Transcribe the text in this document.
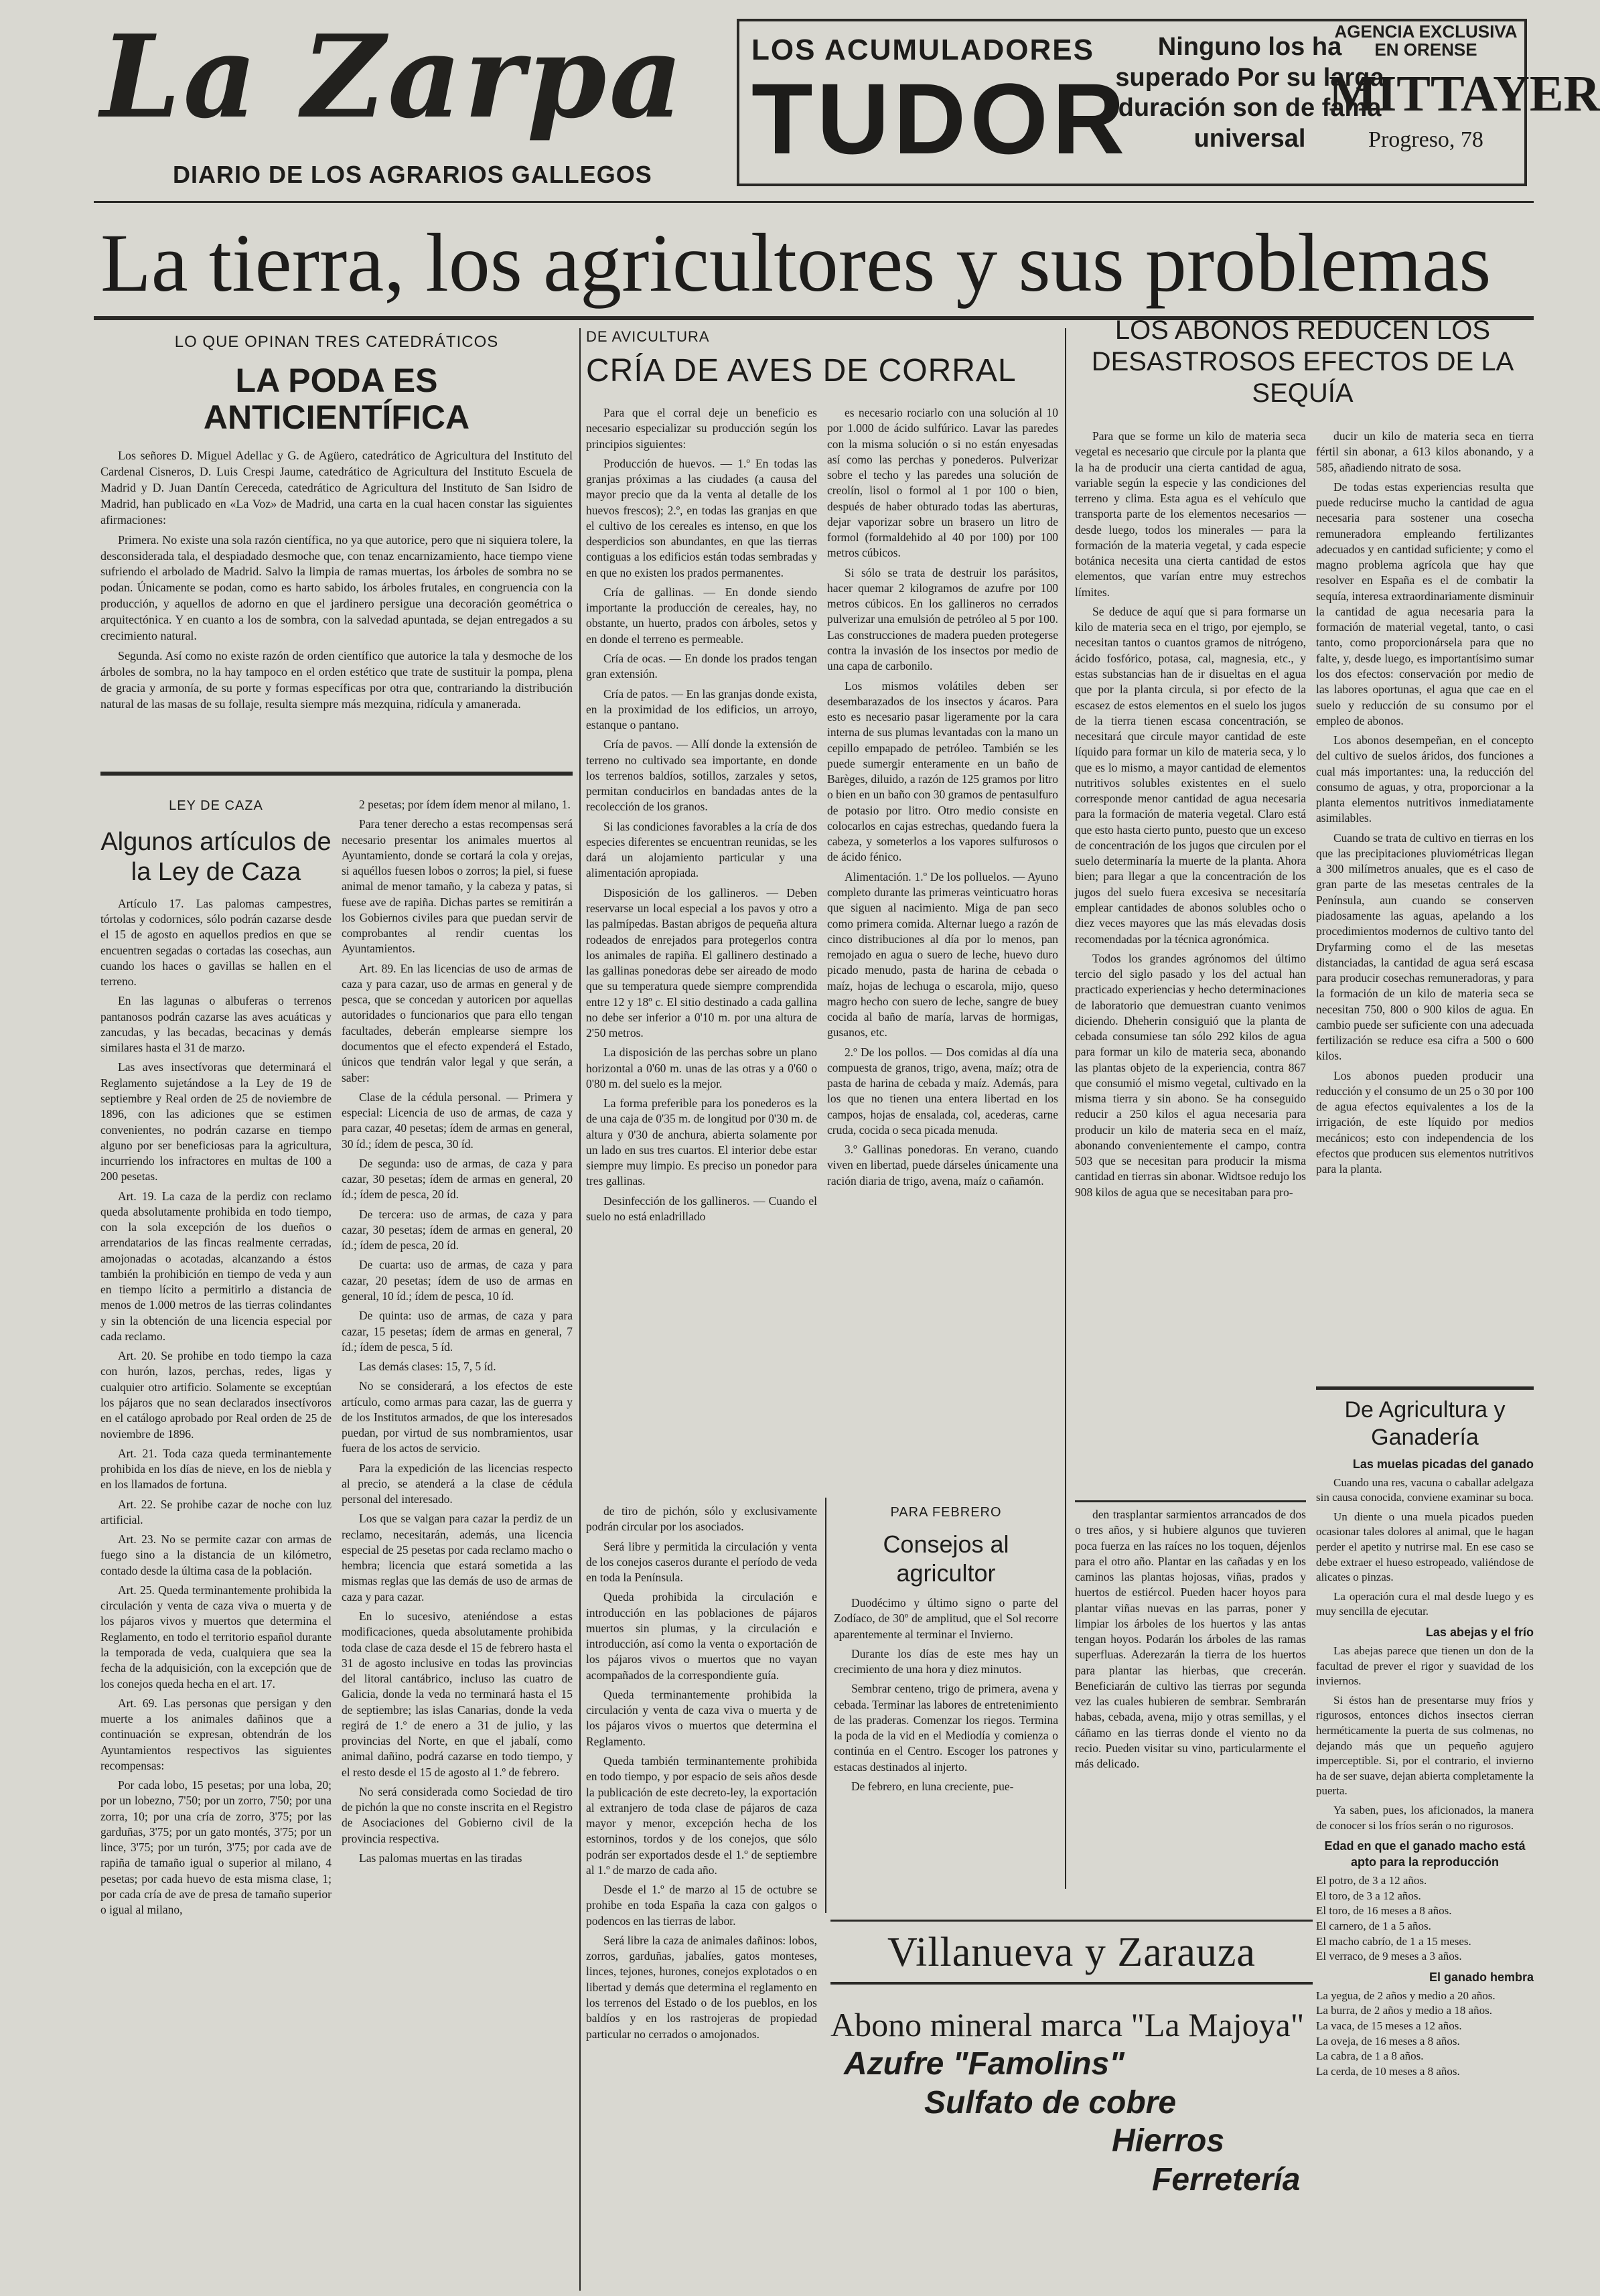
La Zarpa
DIARIO DE LOS AGRARIOS GALLEGOS
LOS ACUMULADORES
TUDOR
Ninguno los ha superado Por su larga duración son de fama universal
AGENCIA EXCLUSIVA EN ORENSE
MITTAYER
Progreso, 78
La tierra, los agricultores y sus problemas
LO QUE OPINAN TRES CATEDRÁTICOS
LA PODA ES ANTICIENTÍFICA

Los señores D. Miguel Adellac y G. de Agüero, catedrático de Agricultura del Instituto del Cardenal Cisneros, D. Luis Crespi Jaume, catedrático de Agricultura del Instituto Escuela de Madrid y D. Juan Dantín Cereceda, catedrático de Agricultura del Instituto de San Isidro de Madrid, han publicado en «La Voz» de Madrid, una carta en la cual hacen constar las siguientes afirmaciones:

Primera. No existe una sola razón científica, no ya que autorice, pero que ni siquiera tolere, la desconsiderada tala, el despiadado desmoche que, con tenaz encarnizamiento, hace tiempo viene sufriendo el arbolado de Madrid. Salvo la limpia de ramas muertas, los árboles de sombra no se podan. Únicamente se podan, como es harto sabido, los árboles frutales, en congruencia con la producción, y aquellos de adorno en que el jardinero persigue una decoración geométrica o arquitectónica. Y en cuanto a los de sombra, con la salvedad apuntada, se dejan entregados a su crecimiento natural.

Segunda. Así como no existe razón de orden científico que autorice la tala y desmoche de los árboles de sombra, no la hay tampoco en el orden estético que trate de sustituir la pompa, plena de gracia y armonía, de su porte y formas específicas por otra que, contrariando la distribución natural de las masas de su follaje, resulta siempre más mezquina, ridícula y amanerada.

LEY DE CAZA
Algunos artículos de la Ley de Caza

Artículo 17. Las palomas campestres, tórtolas y codornices, sólo podrán cazarse desde el 15 de agosto en aquellos predios en que se encuentren segadas o cortadas las cosechas, aun cuando los haces o gavillas se hallen en el terreno.

En las lagunas o albuferas o terrenos pantanosos podrán cazarse las aves acuáticas y zancudas, y las becadas, becacinas y demás similares hasta el 31 de marzo.

Las aves insectívoras que determinará el Reglamento sujetándose a la Ley de 19 de septiembre y Real orden de 25 de noviembre de 1896, con las adiciones que se estimen convenientes, no podrán cazarse en tiempo alguno por ser beneficiosas para la agricultura, incurriendo los infractores en multas de 100 a 200 pesetas.

Art. 19. La caza de la perdiz con reclamo queda absolutamente prohibida en todo tiempo, con la sola excepción de los dueños o arrendatarios de las fincas realmente cerradas, amojonadas o acotadas, alcanzando a éstos también la prohibición en tiempo de veda y aun en tiempo lícito a permitirlo a distancia de menos de 1.000 metros de las tierras colindantes y sin la obtención de una licencia especial por cada reclamo.

Art. 20. Se prohibe en todo tiempo la caza con hurón, lazos, perchas, redes, ligas y cualquier otro artificio. Solamente se exceptúan los pájaros que no sean declarados insectívoros en el catálogo aprobado por Real orden de 25 de noviembre de 1896.

Art. 21. Toda caza queda terminantemente prohibida en los días de nieve, en los de niebla y en los llamados de fortuna.

Art. 22. Se prohibe cazar de noche con luz artificial.

Art. 23. No se permite cazar con armas de fuego sino a la distancia de un kilómetro, contado desde la última casa de la población.

Art. 25. Queda terminantemente prohibida la circulación y venta de caza viva o muerta y de los pájaros vivos y muertos que determina el Reglamento, en todo el territorio español durante la temporada de veda, cualquiera que sea la fecha de la adquisición, con la excepción que de los conejos queda hecha en el art. 17.

Art. 69. Las personas que persigan y den muerte a los animales dañinos que a continuación se expresan, obtendrán de los Ayuntamientos respectivos las siguientes recompensas:

Por cada lobo, 15 pesetas; por una loba, 20; por un lobezno, 7'50; por un zorro, 7'50; por una zorra, 10; por una cría de zorro, 3'75; por las garduñas, 3'75; por un gato montés, 3'75; por un lince, 3'75; por un turón, 3'75; por cada ave de rapiña de tamaño igual o superior al milano, 4 pesetas; por cada huevo de esta misma clase, 1; por cada cría de ave de presa de tamaño superior o igual al milano,

2 pesetas; por ídem ídem menor al milano, 1.

Para tener derecho a estas recompensas será necesario presentar los animales muertos al Ayuntamiento, donde se cortará la cola y orejas, si aquéllos fuesen lobos o zorros; la piel, si fuese animal de menor tamaño, y la cabeza y patas, si fuese ave de rapiña. Dichas partes se remitirán a los Gobiernos civiles para que puedan servir de comprobantes al rendir cuentas los Ayuntamientos.

Art. 89. En las licencias de uso de armas de caza y para cazar, uso de armas en general y de pesca, que se concedan y autoricen por aquellas autoridades o funcionarios que para ello tengan facultades, deberán emplearse siempre los documentos que el efecto expenderá el Estado, únicos que tendrán valor legal y que serán, a saber:

Clase de la cédula personal. — Primera y especial: Licencia de uso de armas, de caza y para cazar, 40 pesetas; ídem de armas en general, 30 íd.; ídem de pesca, 30 íd.

De segunda: uso de armas, de caza y para cazar, 30 pesetas; ídem de armas en general, 20 íd.; ídem de pesca, 20 íd.

De tercera: uso de armas, de caza y para cazar, 30 pesetas; ídem de armas en general, 20 íd.; ídem de pesca, 20 íd.

De cuarta: uso de armas, de caza y para cazar, 20 pesetas; ídem de uso de armas en general, 10 íd.; ídem de pesca, 10 íd.

De quinta: uso de armas, de caza y para cazar, 15 pesetas; ídem de armas en general, 7 íd.; ídem de pesca, 5 íd.

Las demás clases: 15, 7, 5 íd.

No se considerará, a los efectos de este artículo, como armas para cazar, las de guerra y de los Institutos armados, de que los interesados puedan, por virtud de sus nombramientos, usar fuera de los actos de servicio.

Para la expedición de las licencias respecto al precio, se atenderá a la clase de cédula personal del interesado.

Los que se valgan para cazar la perdiz de un reclamo, necesitarán, además, una licencia especial de 25 pesetas por cada reclamo macho o hembra; licencia que estará sometida a las mismas reglas que las demás de uso de armas de caza y para cazar.

En lo sucesivo, ateniéndose a estas modificaciones, queda absolutamente prohibida toda clase de caza desde el 15 de febrero hasta el 31 de agosto inclusive en todas las provincias del litoral cantábrico, incluso las cuatro de Galicia, donde la veda no terminará hasta el 15 de septiembre; las islas Canarias, donde la veda regirá de 1.º de enero a 31 de julio, y las provincias del Norte, en que el jabalí, como animal dañino, podrá cazarse en todo tiempo, y el resto desde el 15 de agosto al 1.º de febrero.

No será considerada como Sociedad de tiro de pichón la que no conste inscrita en el Registro de Asociaciones del Gobierno civil de la provincia respectiva.

Las palomas muertas en las tiradas

DE AVICULTURA
CRÍA DE AVES DE CORRAL

Para que el corral deje un beneficio es necesario especializar su producción según los principios siguientes:

Producción de huevos. — 1.º En todas las granjas próximas a las ciudades (a causa del mayor precio que da la venta al detalle de los huevos frescos); 2.º, en todas las granjas en que el cultivo de los cereales es intenso, en que los desperdicios son abundantes, en que las tierras contiguas a los edificios están todas sembradas y en que no existen los prados permanentes.

Cría de gallinas. — En donde siendo importante la producción de cereales, hay, no obstante, un huerto, prados con árboles, setos y en donde el terreno es permeable.

Cría de ocas. — En donde los prados tengan gran extensión.

Cría de patos. — En las granjas donde exista, en la proximidad de los edificios, un arroyo, estanque o pantano.

Cría de pavos. — Allí donde la extensión de terreno no cultivado sea importante, en donde los terrenos baldíos, sotillos, zarzales y setos, permitan conducirlos en bandadas antes de la recolección de los granos.

Si las condiciones favorables a la cría de dos especies diferentes se encuentran reunidas, se les dará un alojamiento particular y una alimentación apropiada.

Disposición de los gallineros. — Deben reservarse un local especial a los pavos y otro a las palmípedas. Bastan abrigos de pequeña altura rodeados de enrejados para protegerlos contra los animales de rapiña. El gallinero destinado a las gallinas ponedoras debe ser aireado de modo que su temperatura quede siempre comprendida entre 12 y 18º c. El sitio destinado a cada gallina no debe ser inferior a 0'10 m. por una altura de 2'50 metros.

La disposición de las perchas sobre un plano horizontal a 0'60 m. unas de las otras y a 0'60 o 0'80 m. del suelo es la mejor.

La forma preferible para los ponederos es la de una caja de 0'35 m. de longitud por 0'30 m. de altura y 0'30 de anchura, abierta solamente por un lado en sus tres cuartos. El interior debe estar siempre muy limpio. Es preciso un ponedor para tres gallinas.

Desinfección de los gallineros. — Cuando el suelo no está enladrillado

es necesario rociarlo con una solución al 10 por 1.000 de ácido sulfúrico. Lavar las paredes con la misma solución o si no están enyesadas así como las perchas y ponederos. Pulverizar sobre el techo y las paredes una solución de creolín, lisol o formol al 1 por 100 o bien, después de haber obturado todas las aberturas, dejar vaporizar sobre un brasero un litro de formol (formaldehido al 40 por 100) por 100 metros cúbicos.

Si sólo se trata de destruir los parásitos, hacer quemar 2 kilogramos de azufre por 100 metros cúbicos. En los gallineros no cerrados pulverizar una emulsión de petróleo al 5 por 100. Las construcciones de madera pueden protegerse contra la invasión de los insectos por medio de una capa de carbonilo.

Los mismos volátiles deben ser desembarazados de los insectos y ácaros. Para esto es necesario pasar ligeramente por la cara interna de sus plumas levantadas con la mano un cepillo empapado de petróleo. También se les puede sumergir enteramente en un baño de Barèges, diluido, a razón de 125 gramos por litro o bien en un baño con 30 gramos de pentasulfuro de potasio por litro. Otro medio consiste en colocarlos en cajas estrechas, quedando fuera la cabeza, y someterlos a los vapores sulfurosos o de ácido fénico.

Alimentación. 1.º De los polluelos. — Ayuno completo durante las primeras veinticuatro horas que siguen al nacimiento. Miga de pan seco como primera comida. Alternar luego a razón de cinco distribuciones al día por lo menos, pan remojado en agua o suero de leche, huevo duro picado menudo, pasta de harina de cebada o maíz, hojas de lechuga o escarola, mijo, queso magro hecho con suero de leche, sangre de buey cocida al baño de maría, larvas de hormigas, gusanos, etc.

2.º De los pollos. — Dos comidas al día una compuesta de granos, trigo, avena, maíz; otra de pasta de harina de cebada y maíz. Además, para los que no tienen una entera libertad en los campos, hojas de ensalada, col, acederas, carne cruda, cocida o seca picada menuda.

3.º Gallinas ponedoras. En verano, cuando viven en libertad, puede dárseles únicamente una ración diaria de trigo, avena, maíz o cañamón.

de tiro de pichón, sólo y exclusivamente podrán circular por los asociados.

Será libre y permitida la circulación y venta de los conejos caseros durante el período de veda en toda la Península.

Queda prohibida la circulación e introducción en las poblaciones de pájaros muertos sin plumas, y la circulación e introducción, así como la venta o exportación de los pájaros vivos o muertos que no vayan acompañados de la correspondiente guía.

Queda terminantemente prohibida la circulación y venta de caza viva o muerta y de los pájaros vivos o muertos que determina el Reglamento.

Queda también terminantemente prohibida en todo tiempo, y por espacio de seis años desde la publicación de este decreto-ley, la exportación al extranjero de toda clase de pájaros de caza mayor y menor, excepción hecha de los estorninos, tordos y de los conejos, que sólo podrán ser exportados desde el 1.º de septiembre al 1.º de marzo de cada año.

Desde el 1.º de marzo al 15 de octubre se prohibe en toda España la caza con galgos o podencos en las tierras de labor.

Será libre la caza de animales dañinos: lobos, zorros, garduñas, jabalíes, gatos monteses, linces, tejones, hurones, conejos explotados o en libertad y demás que determina el reglamento en los terrenos del Estado o de los pueblos, en los baldíos y en los rastrojeras de propiedad particular no cerrados o amojonados.

PARA FEBRERO
Consejos al agricultor

Duodécimo y último signo o parte del Zodíaco, de 30º de amplitud, que el Sol recorre aparentemente al terminar el Invierno.

Durante los días de este mes hay un crecimiento de una hora y diez minutos.

Sembrar centeno, trigo de primera, avena y cebada. Terminar las labores de entretenimiento de las praderas. Comenzar los riegos. Termina la poda de la vid en el Mediodía y comienza o continúa en el Centro. Escoger los patrones y estacas destinados al injerto.

De febrero, en luna creciente, pue-

LOS ABONOS REDUCEN LOS DESASTROSOS EFECTOS DE LA SEQUÍA

Para que se forme un kilo de materia seca vegetal es necesario que circule por la planta que la ha de producir una cierta cantidad de agua, variable según la especie y las condiciones del terreno y clima. Esta agua es el vehículo que transporta parte de los elementos necesarios — desde luego, todos los minerales — para la formación de la materia vegetal, y cada especie botánica necesita una cierta cantidad de estos elementos, que varían entre muy estrechos límites.

Se deduce de aquí que si para formarse un kilo de materia seca en el trigo, por ejemplo, se necesitan tantos o cuantos gramos de nitrógeno, ácido fosfórico, potasa, cal, magnesia, etc., y estas substancias han de ir disueltas en el agua que por la planta circula, si por efecto de la escasez de estos elementos en el suelo los jugos de la tierra tienen escasa concentración, se necesitará que circule mayor cantidad de este líquido para formar un kilo de materia seca, y lo que es lo mismo, a mayor cantidad de elementos nutritivos solubles existentes en el suelo corresponde menor cantidad de agua necesaria para la formación de materia vegetal. Claro está que esto hasta cierto punto, puesto que un exceso de concentración de los jugos que circulen por el suelo determinaría la muerte de la planta. Ahora bien; para llegar a que la concentración de los jugos del suelo fuera excesiva se necesitaría emplear cantidades de abonos solubles ocho o diez veces mayores que las más elevadas dosis recomendadas por la técnica agronómica.

Todos los grandes agrónomos del último tercio del siglo pasado y los del actual han practicado experiencias y hecho determinaciones de laboratorio que demuestran cuanto venimos diciendo. Dheherin consiguió que la planta de cebada consumiese tan sólo 292 kilos de agua para formar un kilo de materia seca, abonando las plantas objeto de la experiencia, contra 867 que consumió el mismo vegetal, cultivado en la misma tierra y sin abono. Se ha conseguido reducir a 250 kilos el agua necesaria para producir un kilo de materia seca en el maíz, abonando convenientemente el campo, contra 503 que se necesitan para producir la misma cantidad en tierras sin abonar. Widtsoe redujo los 908 kilos de agua que se necesitaban para pro-

ducir un kilo de materia seca en tierra fértil sin abonar, a 613 kilos abonando, y a 585, añadiendo nitrato de sosa.

De todas estas experiencias resulta que puede reducirse mucho la cantidad de agua necesaria para sostener una cosecha remuneradora empleando fertilizantes adecuados y en cantidad suficiente; y como el magno problema agrícola que hay que resolver en España es el de combatir la sequía, interesa extraordinariamente disminuir la cantidad de agua necesaria para la formación de material vegetal, tanto, o casi tanto, como proporcionársela para que no falte, y, desde luego, es importantísimo sumar los dos efectos: conservación por medio de las labores oportunas, el agua que cae en el suelo y reducción de su consumo por el empleo de abonos.

Los abonos desempeñan, en el concepto del cultivo de suelos áridos, dos funciones a cual más importantes: una, la reducción del consumo de aguas, y otra, proporcionar a la planta elementos nutritivos inmediatamente asimilables.

Cuando se trata de cultivo en tierras en los que las precipitaciones pluviométricas llegan a 300 milímetros anuales, que es el caso de gran parte de las mesetas centrales de la Península, aun cuando se conserven piadosamente las aguas, apelando a los procedimientos modernos de cultivo tanto del Dryfarming como el de las mesetas distanciadas, la cantidad de agua será escasa para producir cosechas remuneradoras, y para la formación de un kilo de materia seca se necesitan 750, 800 o 900 kilos de agua. En cambio puede ser suficiente con una adecuada fertilización se reduce esa cifra a 500 o 600 kilos.

Los abonos pueden producir una reducción y el consumo de un 25 o 30 por 100 de agua efectos equivalentes a los de la irrigación, de este líquido por medios mecánicos; esto con independencia de los efectos que producen sus elementos nutritivos para la planta.

den trasplantar sarmientos arrancados de dos o tres años, y si hubiere algunos que tuvieren poca fuerza en las raíces no los toquen, déjenlos para el otro año. Plantar en las cañadas y en los caminos las plantas hojosas, viñas, prados y huertos de estiércol. Pueden hacer hoyos para plantar viñas nuevas en las parras, poner y limpiar los árboles de los huertos y las antas tengan hoyos. Podarán los árboles de las ramas superfluas. Aderezarán la tierra de los huertos para plantar las hierbas, que crecerán. Beneficiarán de cultivo las tierras por segunda vez las cuales hubieren de sembrar. Sembrarán habas, cebada, avena, mijo y otras semillas, y el cáñamo en las tierras donde el viento no da recio. Pueden visitar su vino, particularmente el más delicado.

De Agricultura y Ganadería
Las muelas picadas del ganado

Cuando una res, vacuna o caballar adelgaza sin causa conocida, conviene examinar su boca.

Un diente o una muela picados pueden ocasionar tales dolores al animal, que le hagan perder el apetito y nutrirse mal. En ese caso se debe extraer el hueso estropeado, valiéndose de alicates o pinzas.

La operación cura el mal desde luego y es muy sencilla de ejecutar.

Las abejas y el frío

Las abejas parece que tienen un don de la facultad de prever el rigor y suavidad de los inviernos.

Si éstos han de presentarse muy fríos y rigurosos, entonces dichos insectos cierran herméticamente la puerta de sus colmenas, no dejando más que un pequeño agujero imperceptible. Si, por el contrario, el invierno ha de ser suave, dejan abierta completamente la puerta.

Ya saben, pues, los aficionados, la manera de conocer si los fríos serán o no rigurosos.

Edad en que el ganado macho está apto para la reproducción
El potro, de 3 a 12 años.
El toro, de 3 a 12 años.
El toro, de 16 meses a 8 años.
El carnero, de 1 a 5 años.
El macho cabrío, de 1 a 15 meses.
El verraco, de 9 meses a 3 años.
El ganado hembra
La yegua, de 2 años y medio a 20 años.
La burra, de 2 años y medio a 18 años.
La vaca, de 15 meses a 12 años.
La oveja, de 16 meses a 8 años.
La cabra, de 1 a 8 años.
La cerda, de 10 meses a 8 años.
Villanueva y Zarauza
Abono mineral marca "La Majoya"
Azufre "Famolins"
Sulfato de cobre
Hierros
Ferretería
